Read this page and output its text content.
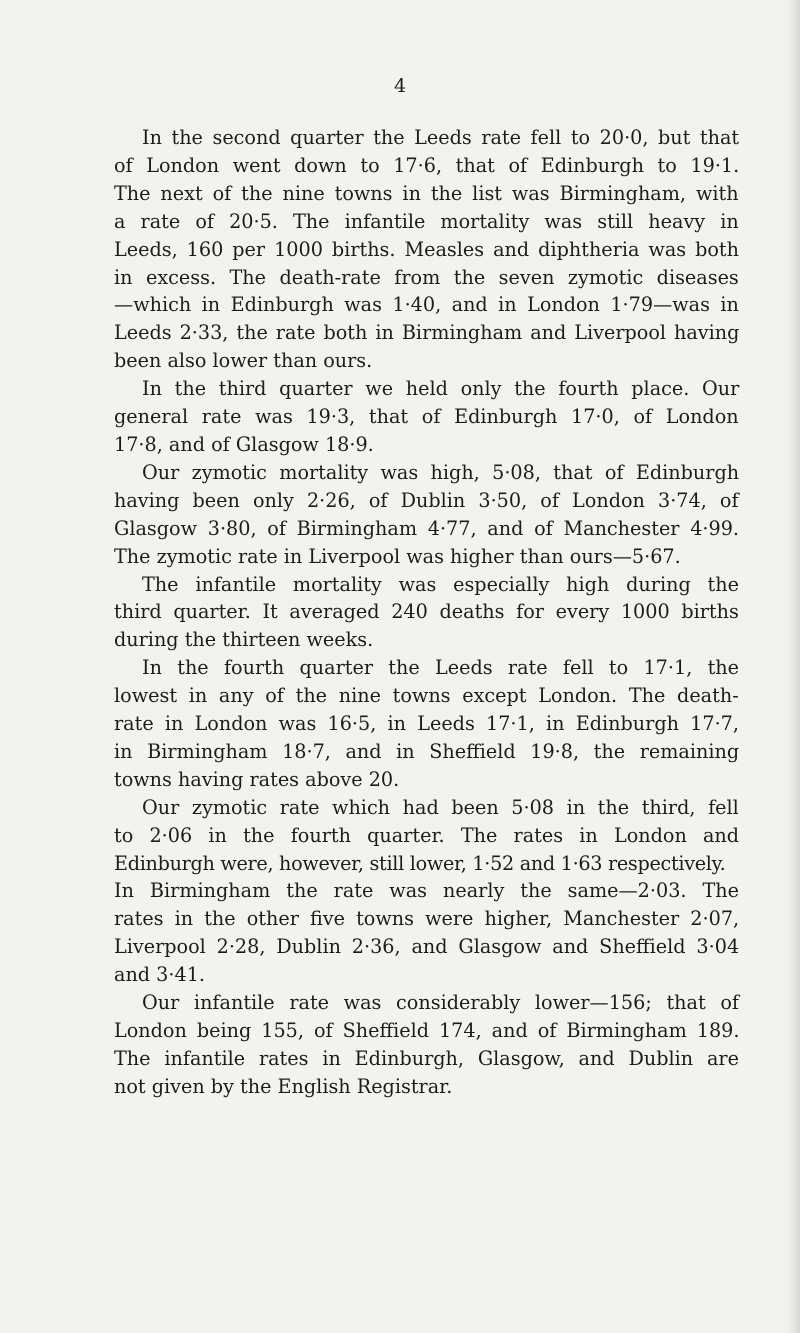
4
In the second quarter the Leeds rate fell to 20·0, but that
of London went down to 17·6, that of Edinburgh to 19·1.
The next of the nine towns in the list was Birmingham, with
a rate of 20·5. The infantile mortality was still heavy in
Leeds, 160 per 1000 births. Measles and diphtheria was both
in excess. The death-rate from the seven zymotic diseases
—which in Edinburgh was 1·40, and in London 1·79—was in
Leeds 2·33, the rate both in Birmingham and Liverpool having
been also lower than ours.
In the third quarter we held only the fourth place. Our
general rate was 19·3, that of Edinburgh 17·0, of London
17·8, and of Glasgow 18·9.
Our zymotic mortality was high, 5·08, that of Edinburgh
having been only 2·26, of Dublin 3·50, of London 3·74, of
Glasgow 3·80, of Birmingham 4·77, and of Manchester 4·99.
The zymotic rate in Liverpool was higher than ours—5·67.
The infantile mortality was especially high during the
third quarter. It averaged 240 deaths for every 1000 births
during the thirteen weeks.
In the fourth quarter the Leeds rate fell to 17·1, the
lowest in any of the nine towns except London. The death-
rate in London was 16·5, in Leeds 17·1, in Edinburgh 17·7,
in Birmingham 18·7, and in Sheffield 19·8, the remaining
towns having rates above 20.
Our zymotic rate which had been 5·08 in the third, fell
to 2·06 in the fourth quarter. The rates in London and
Edinburgh were, however, still lower, 1·52 and 1·63 respectively.
In Birmingham the rate was nearly the same—2·03. The
rates in the other five towns were higher, Manchester 2·07,
Liverpool 2·28, Dublin 2·36, and Glasgow and Sheffield 3·04
and 3·41.
Our infantile rate was considerably lower—156; that of
London being 155, of Sheffield 174, and of Birmingham 189.
The infantile rates in Edinburgh, Glasgow, and Dublin are
not given by the English Registrar.
